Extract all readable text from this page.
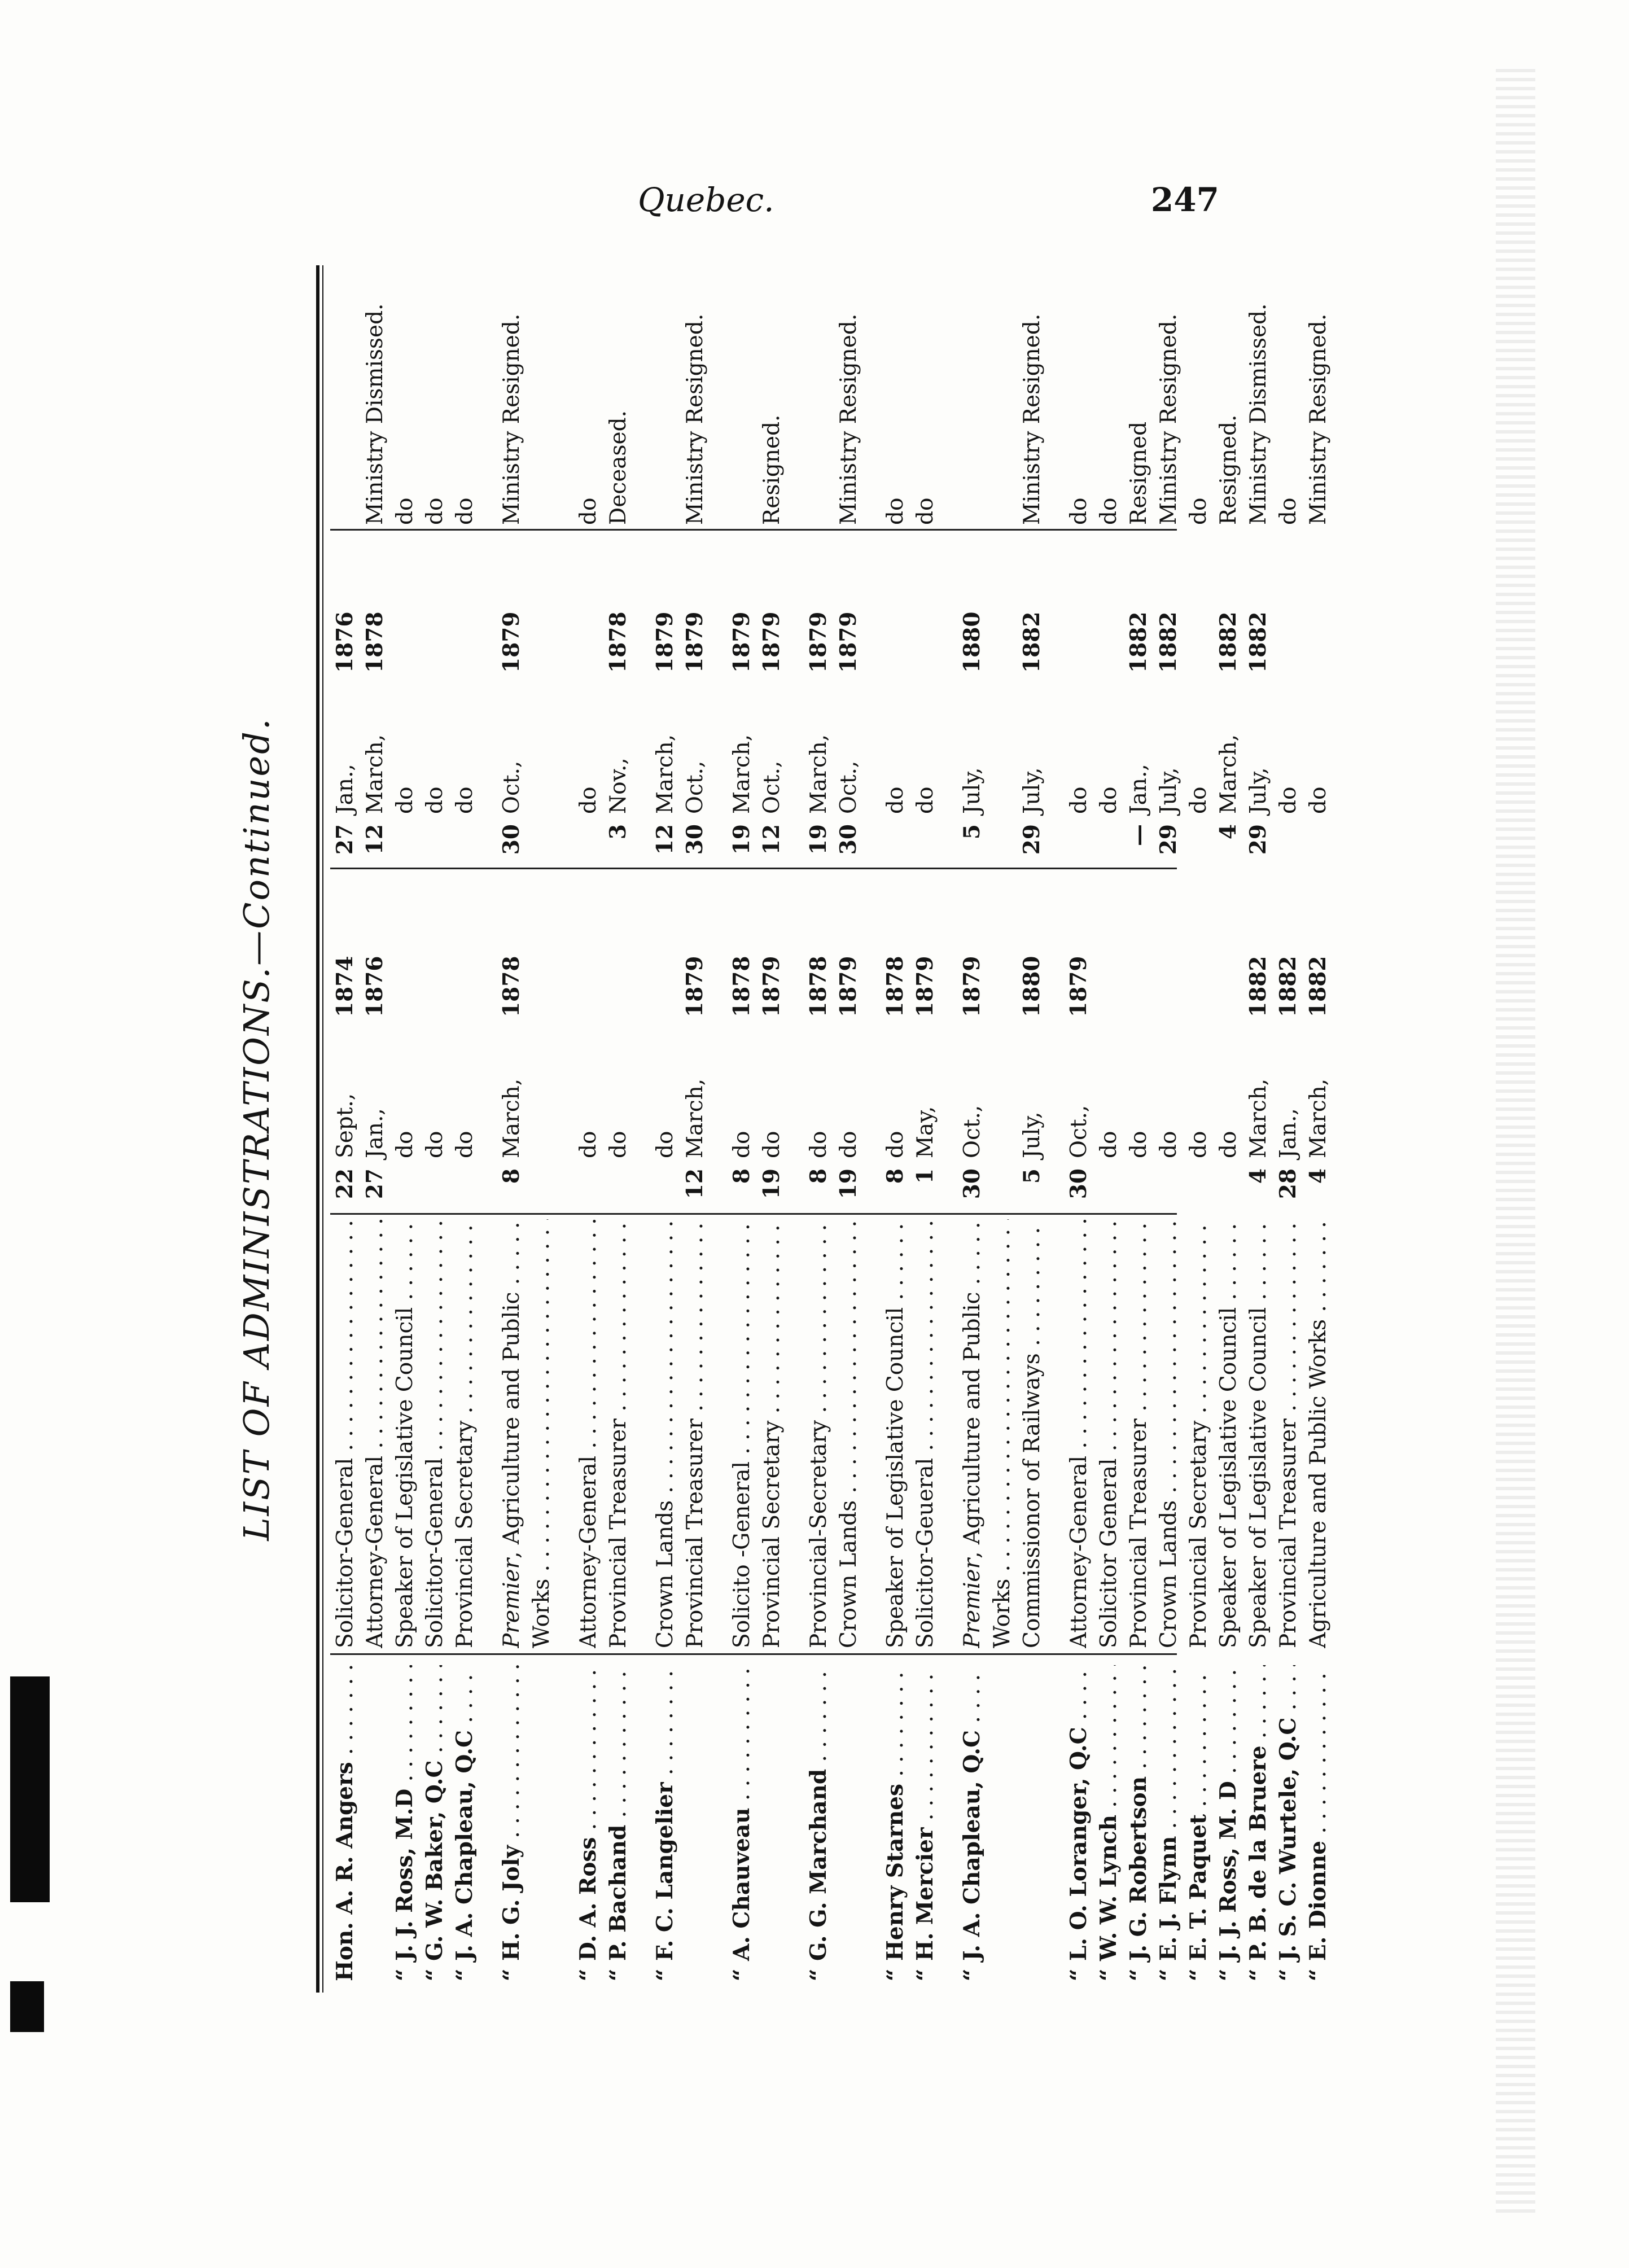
Quebec.	247
LIST OF ADMINISTRATIONS.—Continued.
Hon. A. R. Angers . . .
Solicitor-General . . .
22Sept.,1874
27Jan.,1876
Attorney-General . . .
27Jan.,1876
12March,1878
Ministry Dismissed.
“ J. J. Ross, M.D . . .
Speaker of Legislative Council . . .
do
do
do
“ G. W. Baker, Q.C . . .
Solicitor-General . . .
do
do
do
“ J. A. Chapleau, Q.C . . .
Provincial Secretary . . .
do
do
do
“ H. G. Joly . . .
Premier, Agriculture and Public . . .
8March,1878
30Oct.,1879
Ministry Resigned.
Works . . .
“ D. A. Ross . . .
Attorney-General . . .
do
do
do
“ P. Bachand . . .
Provincial Treasurer . . .
do
3Nov.,1878
Deceased.
“ F. C. Langelier . . .
Crown Lands . . .
do
12March,1879
Provincial Treasurer . . .
12March,1879
30Oct.,1879
Ministry Resigned.
“ A. Chauveau . . .
Solicito -General . . .
8do1878
19March,1879
Provincial Secretary . . .
19do1879
12Oct.,1879
Resigned.
“ G. G. Marchand . . .
Provincial-Secretary . . .
8do1878
19March,1879
Crown Lands . . .
19do1879
30Oct.,1879
Ministry Resigned.
“ Henry Starnes . . .
Speaker of Legislative Council . . .
8do1878
do
do
“ H. Mercier . . .
Solicitor-Geueral . . .
1May,1879
do
do
“ J. A. Chapleau, Q.C . . .
Premier, Agriculture and Public . . .
30Oct.,1879
5July,1880
Works . . . Commissionor of Railways . . .
5July,1880
29July,1882
Ministry Resigned.
“ L. O. Loranger, Q.C . . .
Attorney-General . . .
30Oct.,1879
do
do
“ W. W. Lynch . . .
Solicitor General . . .
do
do
do
“ J. G. Robertson . . .
Provincial Treasurer . . .
do
—Jan.,1882
Resigned
“ E. J. Flynn . . .
Crown Lands . . .
do
29July,1882
Ministry Resigned.
“ E. T. Paquet . . .
Provincial Secretary . . .
do
do
do
“ J. J. Ross, M. D . . .
Speaker of Legislative Council . . .
do
4March,1882
Resigned.
“ P. B. de la Bruere . . .
Speaker of Legislative Council . . .
4March,1882
29July,1882
Ministry Dismissed.
“ J. S. C. Wurtele, Q.C . . .
Provincial Treasurer . . .
28Jan.,1882
do
do
“ E. Dionne . . .
Agriculture and Public Works . . .
4March,1882
do
Ministry Resigned.
